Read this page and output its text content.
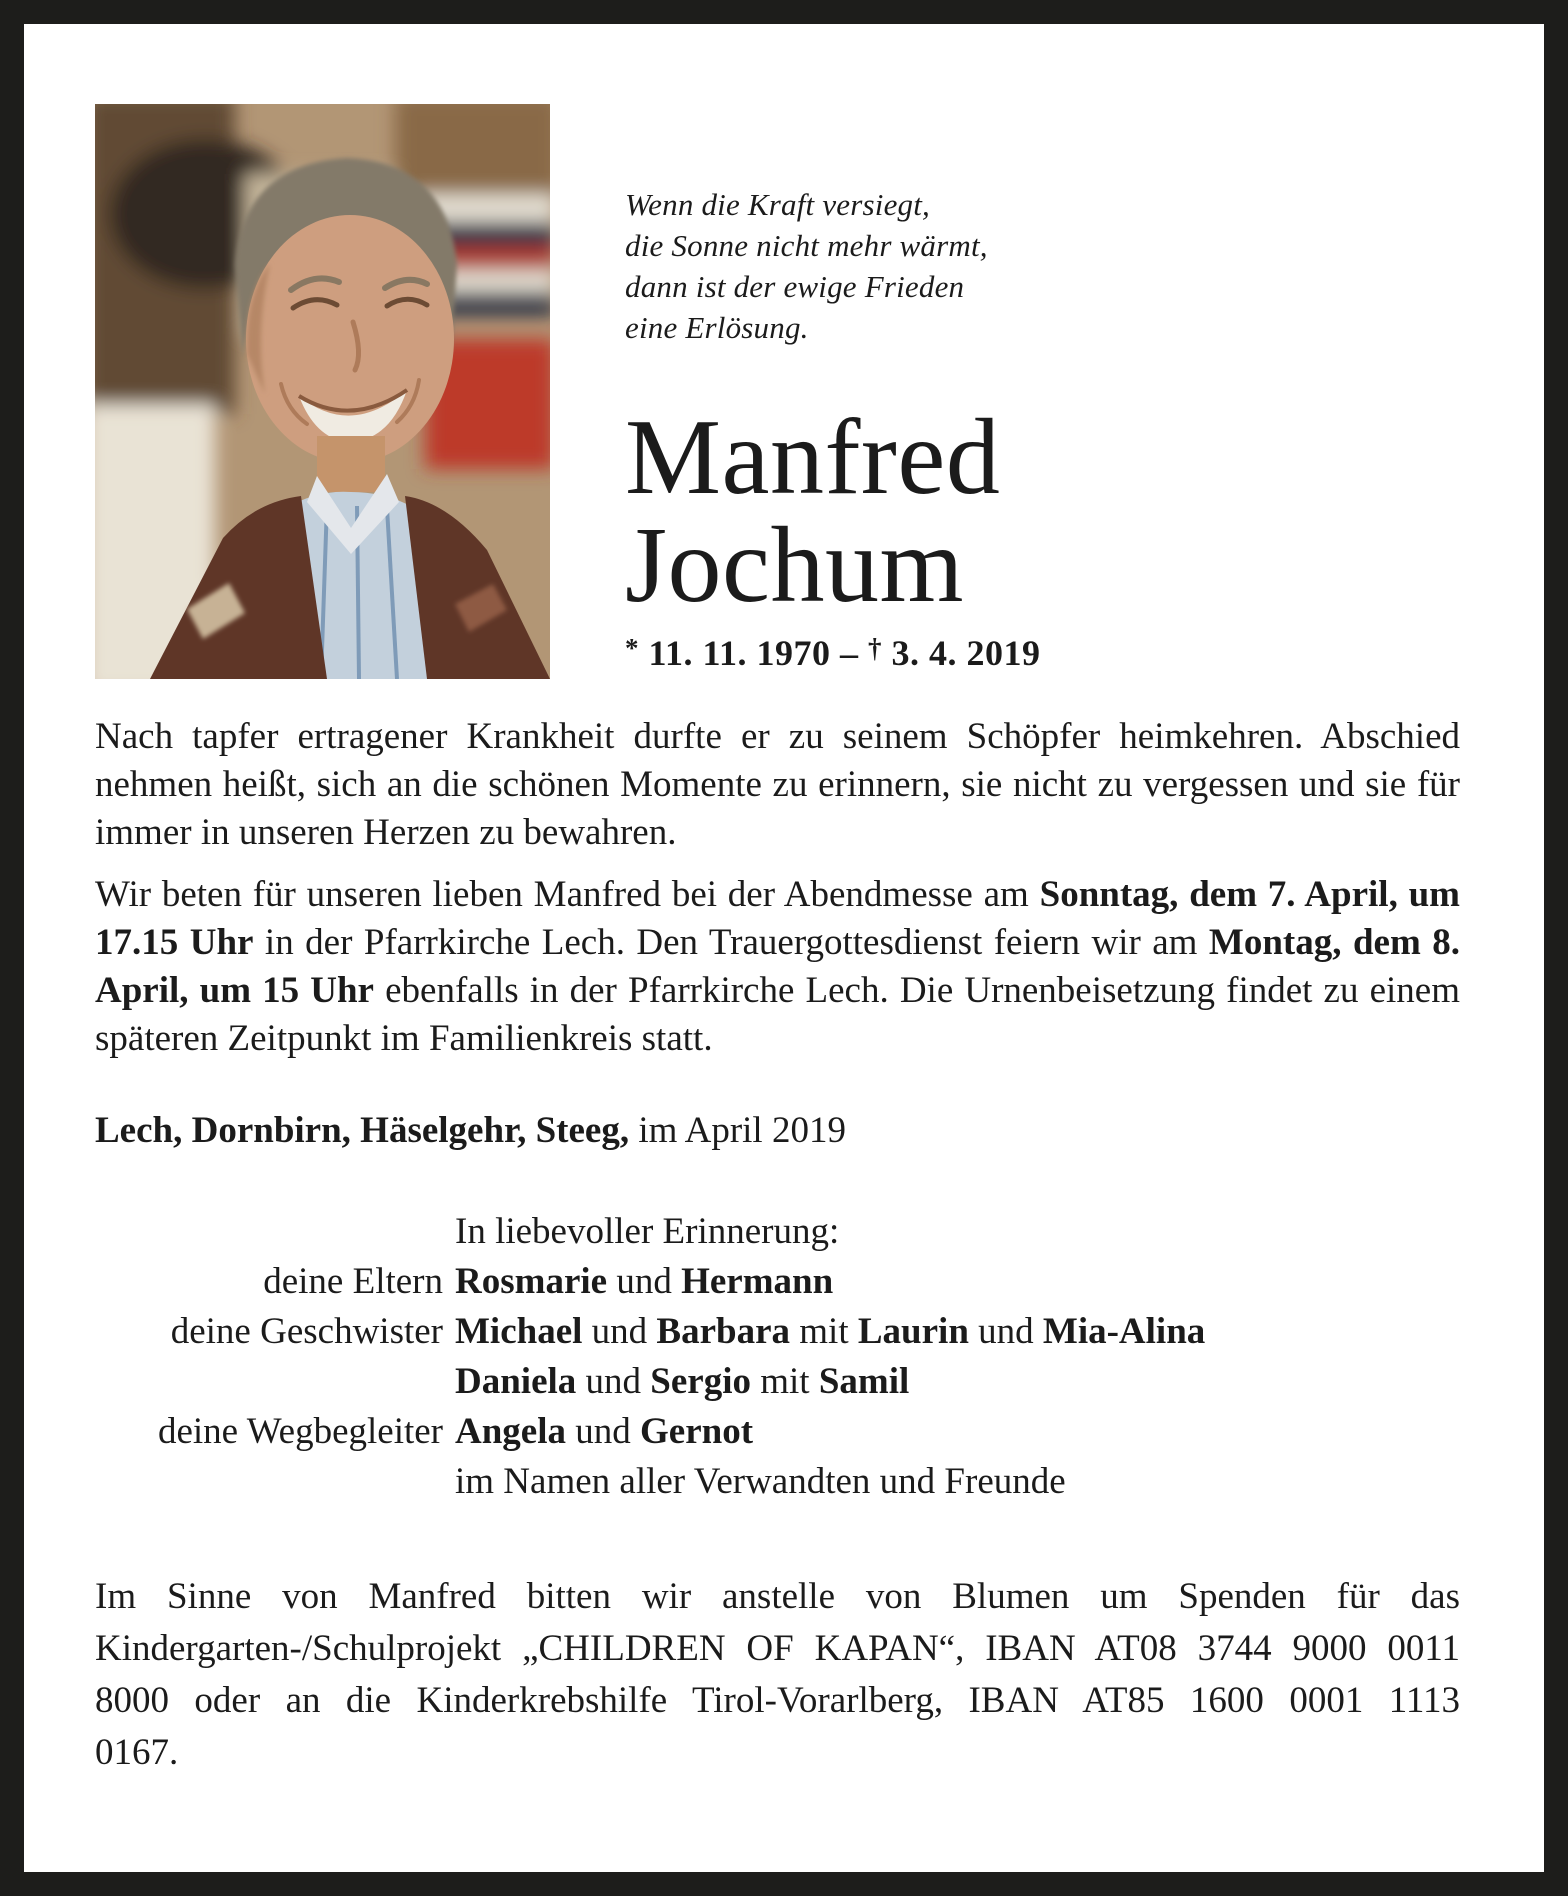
Wenn die Kraft versiegt,
die Sonne nicht mehr wärmt,
dann ist der ewige Frieden
eine Erlösung.
Manfred
Jochum
* 11. 11. 1970 – † 3. 4. 2019

Nach tapfer ertragener Krankheit durfte er zu seinem Schöpfer heimkehren. Abschied nehmen heißt, sich an die schönen Momente zu erinnern, sie nicht zu vergessen und sie für immer in unseren Herzen zu bewahren.

Wir beten für unseren lieben Manfred bei der Abendmesse am Sonntag, dem 7. April, um 17.15 Uhr in der Pfarrkirche Lech. Den Trauergottesdienst feiern wir am Montag, dem 8. April, um 15 Uhr ebenfalls in der Pfarrkirche Lech. Die Urnenbeisetzung findet zu einem späteren Zeitpunkt im Familienkreis statt.

Lech, Dornbirn, Häselgehr, Steeg, im April 2019

In liebevoller Erinnerung:
deine Eltern Rosmarie und Hermann
deine Geschwister Michael und Barbara mit Laurin und Mia-Alina
Daniela und Sergio mit Samil
deine Wegbegleiter Angela und Gernot
im Namen aller Verwandten und Freunde

Im Sinne von Manfred bitten wir anstelle von Blumen um Spenden für das Kindergarten-/Schulprojekt „CHILDREN OF KAPAN“, IBAN AT08 3744 9000 0011 8000 oder an die Kinderkrebshilfe Tirol-Vorarlberg, IBAN AT85 1600 0001 1113 0167.
